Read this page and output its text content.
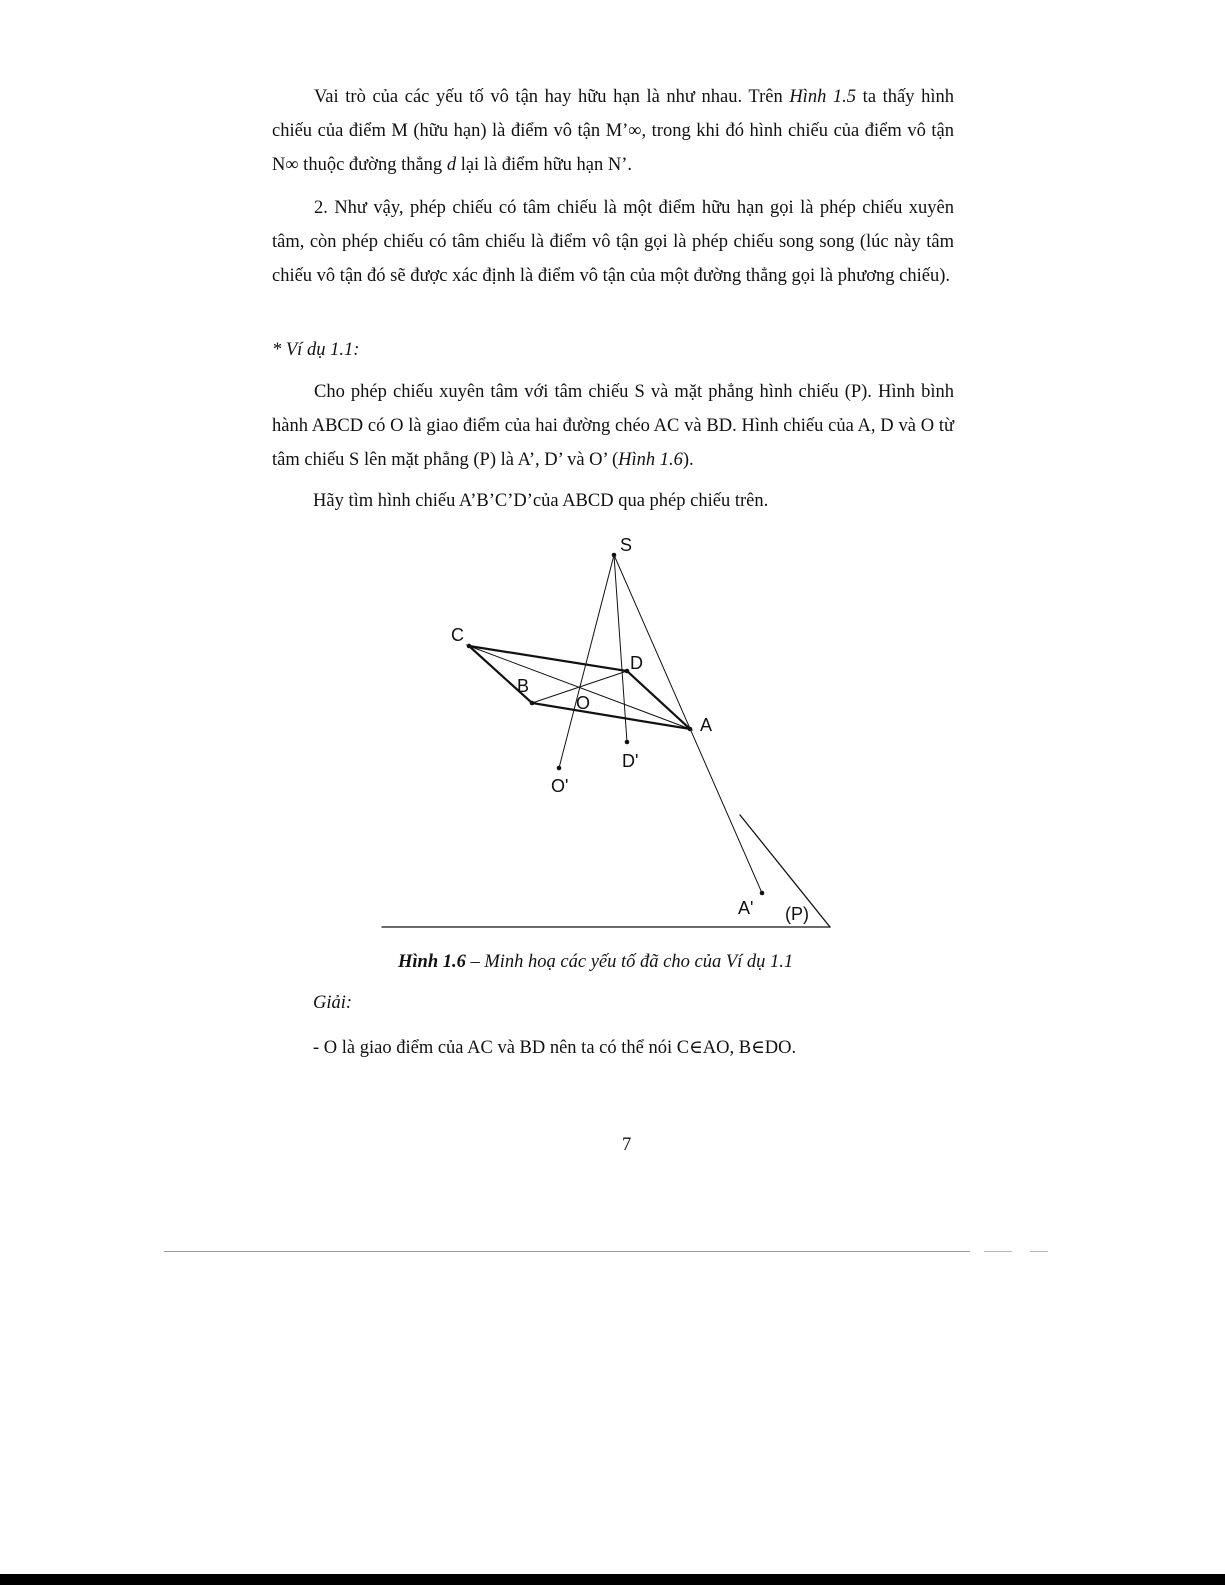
Vai trò của các yếu tố vô tận hay hữu hạn là như nhau. Trên Hình 1.5 ta thấy hình chiếu của điểm M (hữu hạn) là điểm vô tận M’∞, trong khi đó hình chiếu của điểm vô tận N∞ thuộc đường thẳng d lại là điểm hữu hạn N’.

2. Như vậy, phép chiếu có tâm chiếu là một điểm hữu hạn gọi là phép chiếu xuyên tâm, còn phép chiếu có tâm chiếu là điểm vô tận gọi là phép chiếu song song (lúc này tâm chiếu vô tận đó sẽ được xác định là điểm vô tận của một đường thẳng gọi là phương chiếu).

* Ví dụ 1.1:

Cho phép chiếu xuyên tâm với tâm chiếu S và mặt phẳng hình chiếu (P). Hình bình hành ABCD có O là giao điểm của hai đường chéo AC và BD. Hình chiếu của A, D và O từ tâm chiếu S lên mặt phẳng (P) là A’, D’ và O’ (Hình 1.6).

Hãy tìm hình chiếu A’B’C’D’của ABCD qua phép chiếu trên.

S
C
D
B
O
A
D'
O'
A' (P)

Hình 1.6 – Minh hoạ các yếu tố đã cho của Ví dụ 1.1

Giải:

- O là giao điểm của AC và BD nên ta có thể nói C∈AO, B∈DO.

7
